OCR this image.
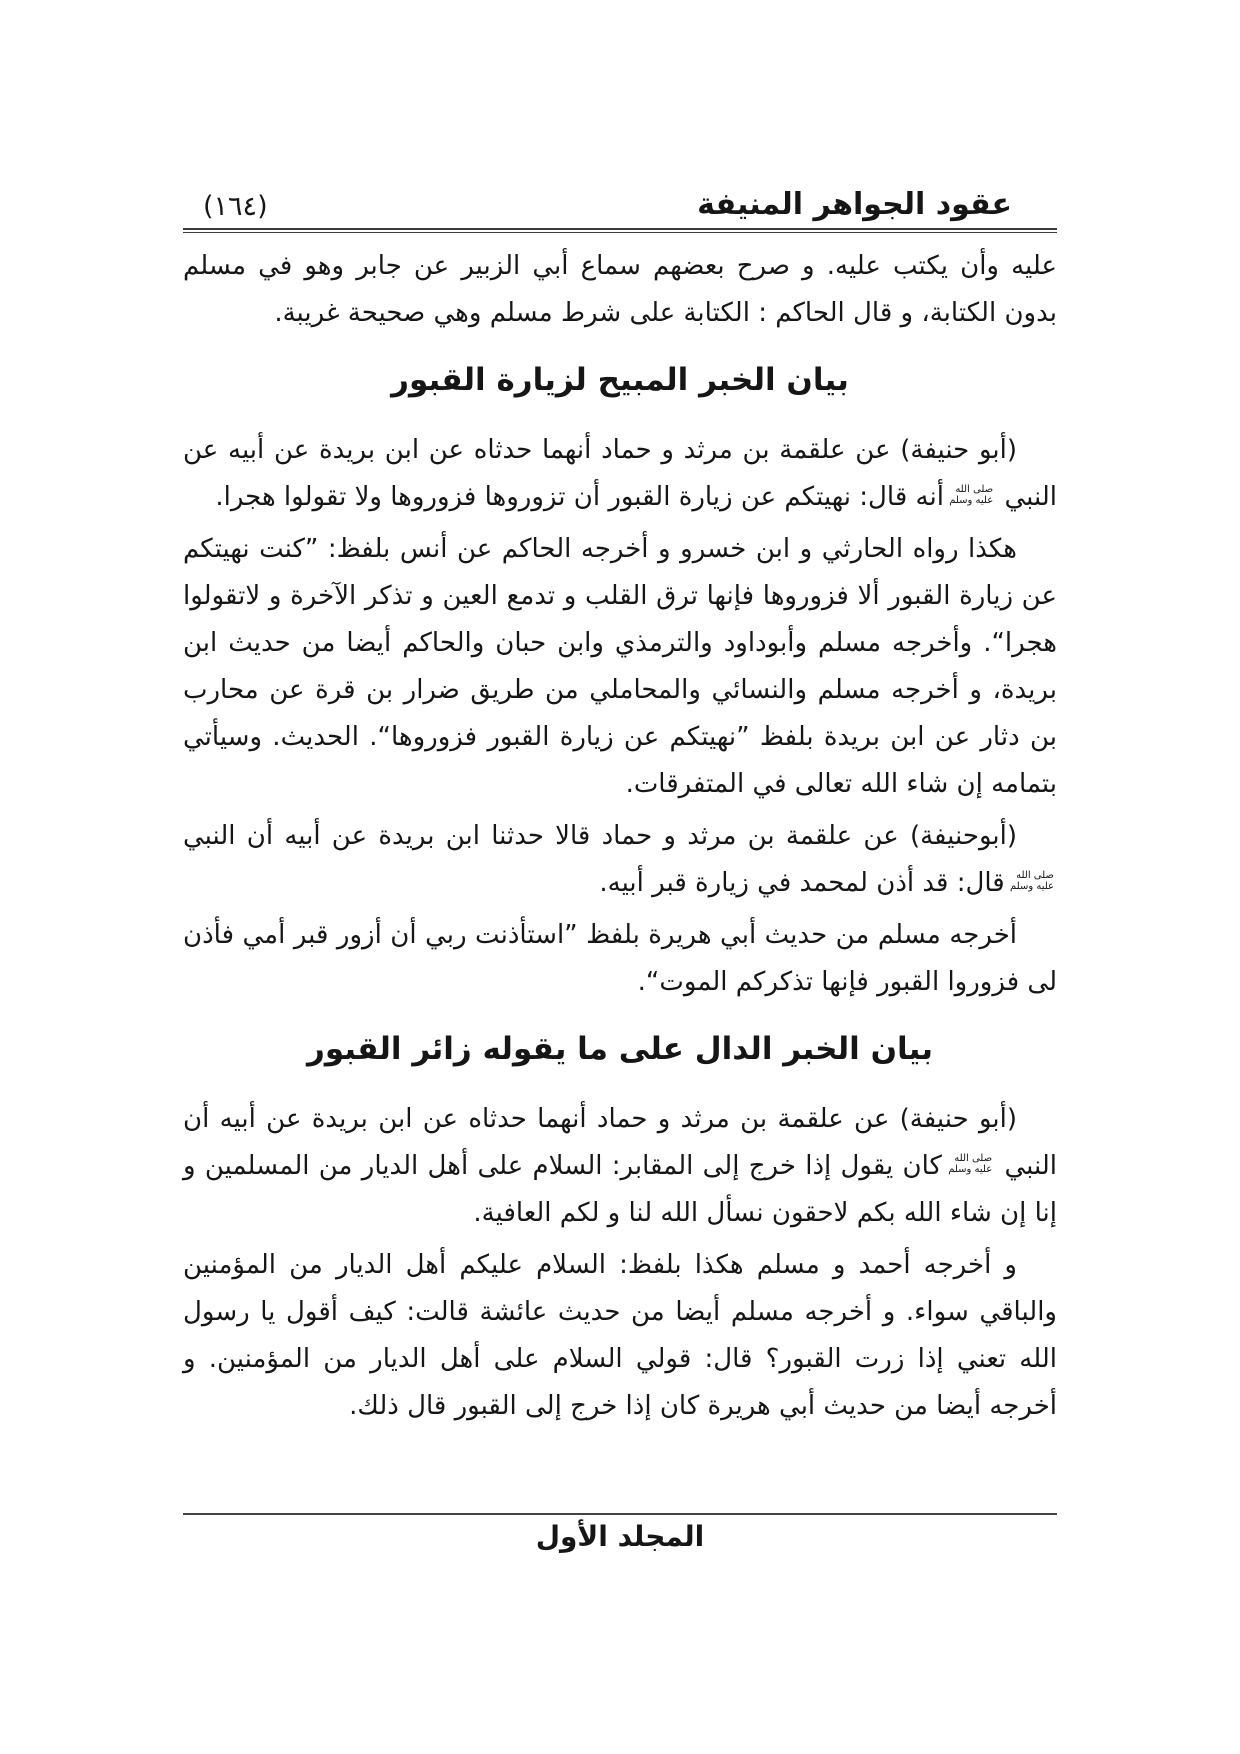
عقود الجواهر المنيفة
(١٦٤)

عليه وأن يكتب عليه. و صرح بعضهم سماع أبي الزبير عن جابر وهو في مسلم بدون الكتابة، و قال الحاكم : الكتابة على شرط مسلم وهي صحيحة غريبة.

بيان الخبر المبيح لزيارة القبور

(أبو حنيفة) عن علقمة بن مرثد و حماد أنهما حدثاه عن ابن بريدة عن أبيه عن النبي
صلى الله
عليه وسلم
أنه قال: نهيتكم عن زيارة القبور أن تزوروها فزوروها ولا تقولوا هجرا.

هكذا رواه الحارثي و ابن خسرو و أخرجه الحاكم عن أنس بلفظ: ”كنت نهيتكم عن زيارة القبور ألا فزوروها فإنها ترق القلب و تدمع العين و تذكر الآخرة و لاتقولوا هجرا“. وأخرجه مسلم وأبوداود والترمذي وابن حبان والحاكم أيضا من حديث ابن بريدة، و أخرجه مسلم والنسائي والمحاملي من طريق ضرار بن قرة عن محارب بن دثار عن ابن بريدة بلفظ ”نهيتكم عن زيارة القبور فزوروها“. الحديث. وسيأتي بتمامه إن شاء الله تعالى في المتفرقات.

(أبوحنيفة) عن علقمة بن مرثد و حماد قالا حدثنا ابن بريدة عن أبيه أن النبي
صلى الله
عليه وسلم
قال: قد أذن لمحمد في زيارة قبر أبيه.

أخرجه مسلم من حديث أبي هريرة بلفظ ”استأذنت ربي أن أزور قبر أمي فأذن لى فزوروا القبور فإنها تذكركم الموت“.

بيان الخبر الدال على ما يقوله زائر القبور

(أبو حنيفة) عن علقمة بن مرثد و حماد أنهما حدثاه عن ابن بريدة عن أبيه أن النبي
صلى الله
عليه وسلم
كان يقول إذا خرج إلى المقابر: السلام على أهل الديار من المسلمين و إنا إن شاء الله بكم لاحقون نسأل الله لنا و لكم العافية.

و أخرجه أحمد و مسلم هكذا بلفظ: السلام عليكم أهل الديار من المؤمنين والباقي سواء. و أخرجه مسلم أيضا من حديث عائشة قالت: كيف أقول يا رسول الله تعني إذا زرت القبور؟ قال: قولي السلام على أهل الديار من المؤمنين. و أخرجه أيضا من حديث أبي هريرة كان إذا خرج إلى القبور قال ذلك.

المجلد الأول
